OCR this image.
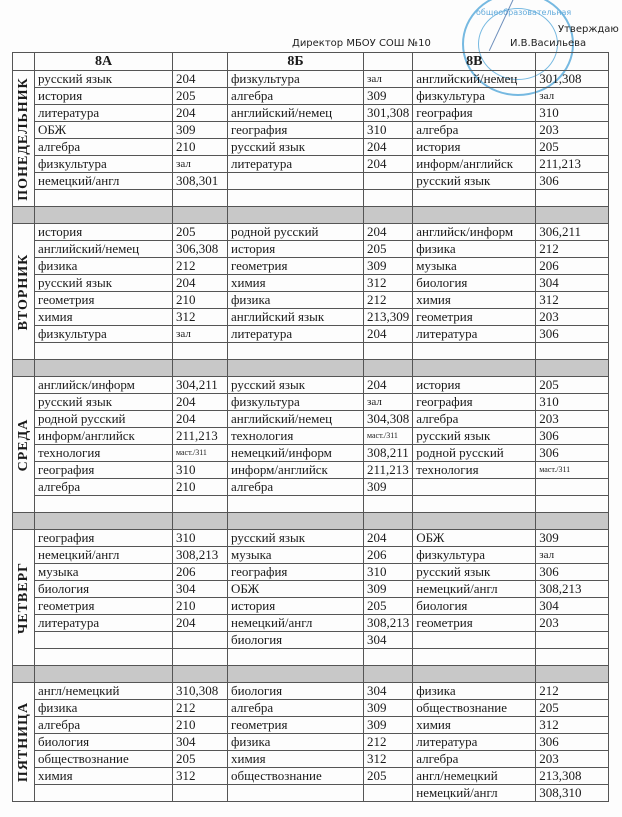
общеобразовательная
Утверждаю
Директор МБОУ СОШ №10	И.В.Васильева
	8А		8Б		8В	

ПОНЕДЕЛЬНИК	русский язык	204	физкультура	зал	английский/немец	301,308
	история	205	алгебра	309	физкультура	зал
	литература	204	английский/немец	301,308	география	310
	ОБЖ	309	география	310	алгебра	203
	алгебра	210	русский язык	204	история	205
	физкультура	зал	литература	204	информ/английск	211,213
	немецкий/англ	308,301			русский язык	306

ВТОРНИК	история	205	родной русский	204	английск/информ	306,211
	английский/немец	306,308	история	205	физика	212
	физика	212	геометрия	309	музыка	206
	русский язык	204	химия	312	биология	304
	геометрия	210	физика	212	химия	312
	химия	312	английский язык	213,309	геометрия	203
	физкультура	зал	литература	204	литература	306

СРЕДА	английск/информ	304,211	русский язык	204	история	205
	русский язык	204	физкультура	зал	география	310
	родной русский	204	английский/немец	304,308	алгебра	203
	информ/английск	211,213	технология	маст./311	русский язык	306
	технология	маст./311	немецкий/информ	308,211	родной русский	306
	география	310	информ/английск	211,213	технология	маст./311
	алгебра	210	алгебра	309		

ЧЕТВЕРГ	география	310	русский язык	204	ОБЖ	309
	немецкий/англ	308,213	музыка	206	физкультура	зал
	музыка	206	география	310	русский язык	306
	биология	304	ОБЖ	309	немецкий/англ	308,213
	геометрия	210	история	205	биология	304
	литература	204	немецкий/англ	308,213	геометрия	203
			биология	304		

ПЯТНИЦА	англ/немецкий	310,308	биология	304	физика	212
	физика	212	алгебра	309	обществознание	205
	алгебра	210	геометрия	309	химия	312
	биология	304	физика	212	литература	306
	обществознание	205	химия	312	алгебра	203
	химия	312	обществознание	205	англ/немецкий	213,308
					немецкий/англ	308,310
